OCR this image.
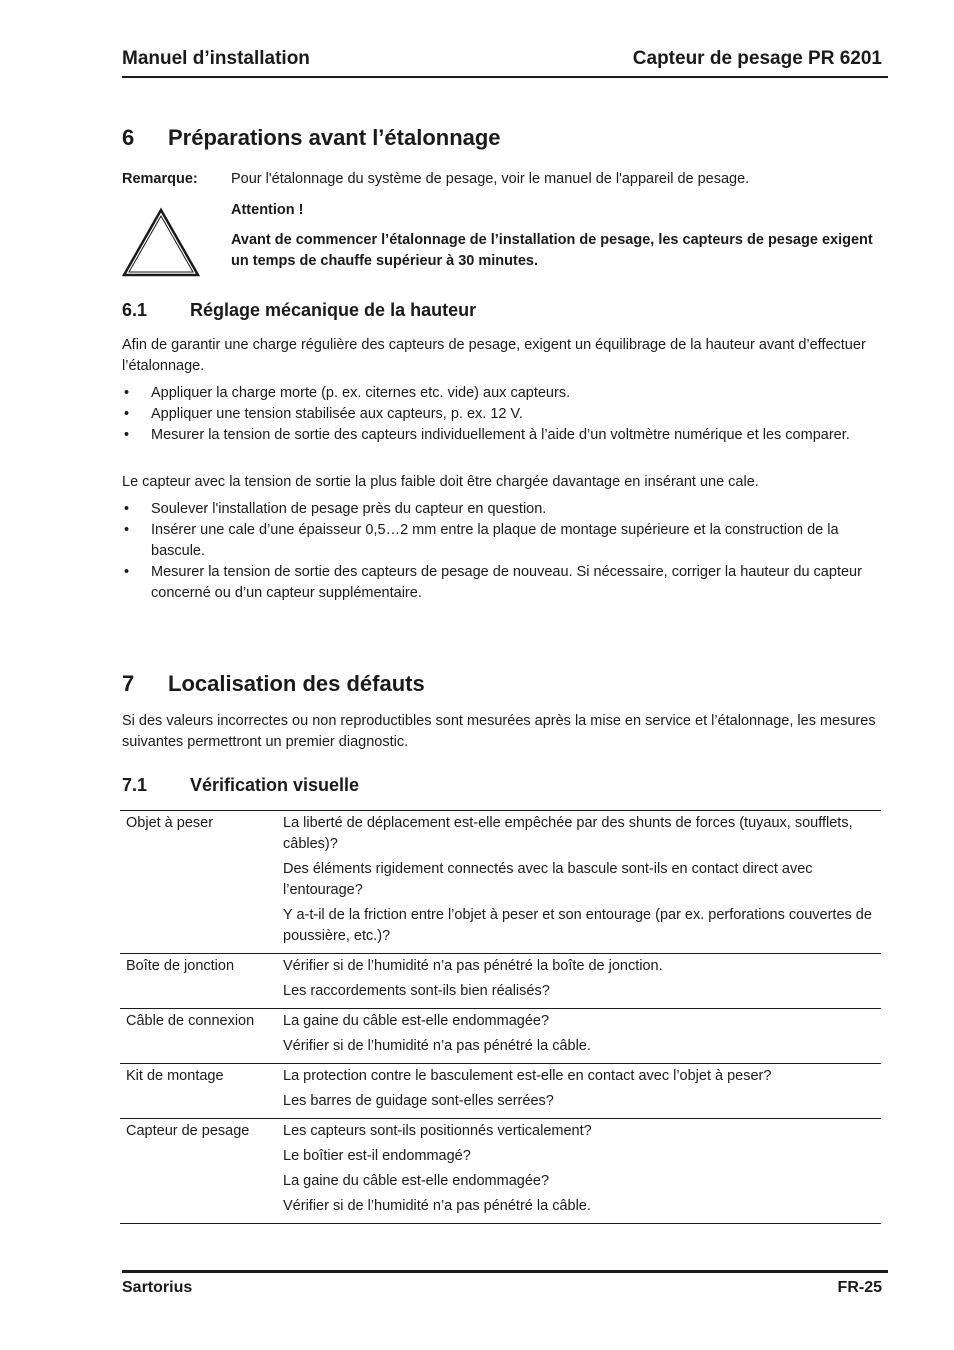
Manuel d’installation	Capteur de pesage PR 6201
6 Préparations avant l’étalonnage
Remarque: Pour l'étalonnage du système de pesage, voir le manuel de l'appareil de pesage.
Attention !
Avant de commencer l’étalonnage de l’installation de pesage, les capteurs de pesage exigent un temps de chauffe supérieur à 30 minutes.
6.1 Réglage mécanique de la hauteur

Afin de garantir une charge régulière des capteurs de pesage, exigent un équilibrage de la hauteur avant d’effectuer l’étalonnage.

• Appliquer la charge morte (p. ex. citernes etc. vide) aux capteurs.
• Appliquer une tension stabilisée aux capteurs, p. ex. 12 V.
• Mesurer la tension de sortie des capteurs individuellement à l’aide d’un voltmètre numérique et les comparer.

Le capteur avec la tension de sortie la plus faible doit être chargée davantage en insérant une cale.

• Soulever l'installation de pesage près du capteur en question.
• Insérer une cale d’une épaisseur 0,5…2 mm entre la plaque de montage supérieure et la construction de la bascule.
• Mesurer la tension de sortie des capteurs de pesage de nouveau. Si nécessaire, corriger la hauteur du capteur concerné ou d’un capteur supplémentaire.
7 Localisation des défauts

Si des valeurs incorrectes ou non reproductibles sont mesurées après la mise en service et l’étalonnage, les mesures suivantes permettront un premier diagnostic.

7.1 Vérification visuelle
Objet à peser	La liberté de déplacement est-elle empêchée par des shunts de forces (tuyaux, soufflets, câbles)?
Des éléments rigidement connectés avec la bascule sont-ils en contact direct avec l’entourage?
Y a-t-il de la friction entre l’objet à peser et son entourage (par ex. perforations couvertes de poussière, etc.)?

Boîte de jonction	Vérifier si de l’humidité n’a pas pénétré la boîte de jonction.
Les raccordements sont-ils bien réalisés?

Câble de connexion	La gaine du câble est-elle endommagée?
Vérifier si de l’humidité n’a pas pénétré la câble.

Kit de montage	La protection contre le basculement est-elle en contact avec l’objet à peser?
Les barres de guidage sont-elles serrées?

Capteur de pesage	Les capteurs sont-ils positionnés verticalement?
Le boîtier est-il endommagé?
La gaine du câble est-elle endommagée?
Vérifier si de l’humidité n’a pas pénétré la câble.
Sartorius	FR-25
